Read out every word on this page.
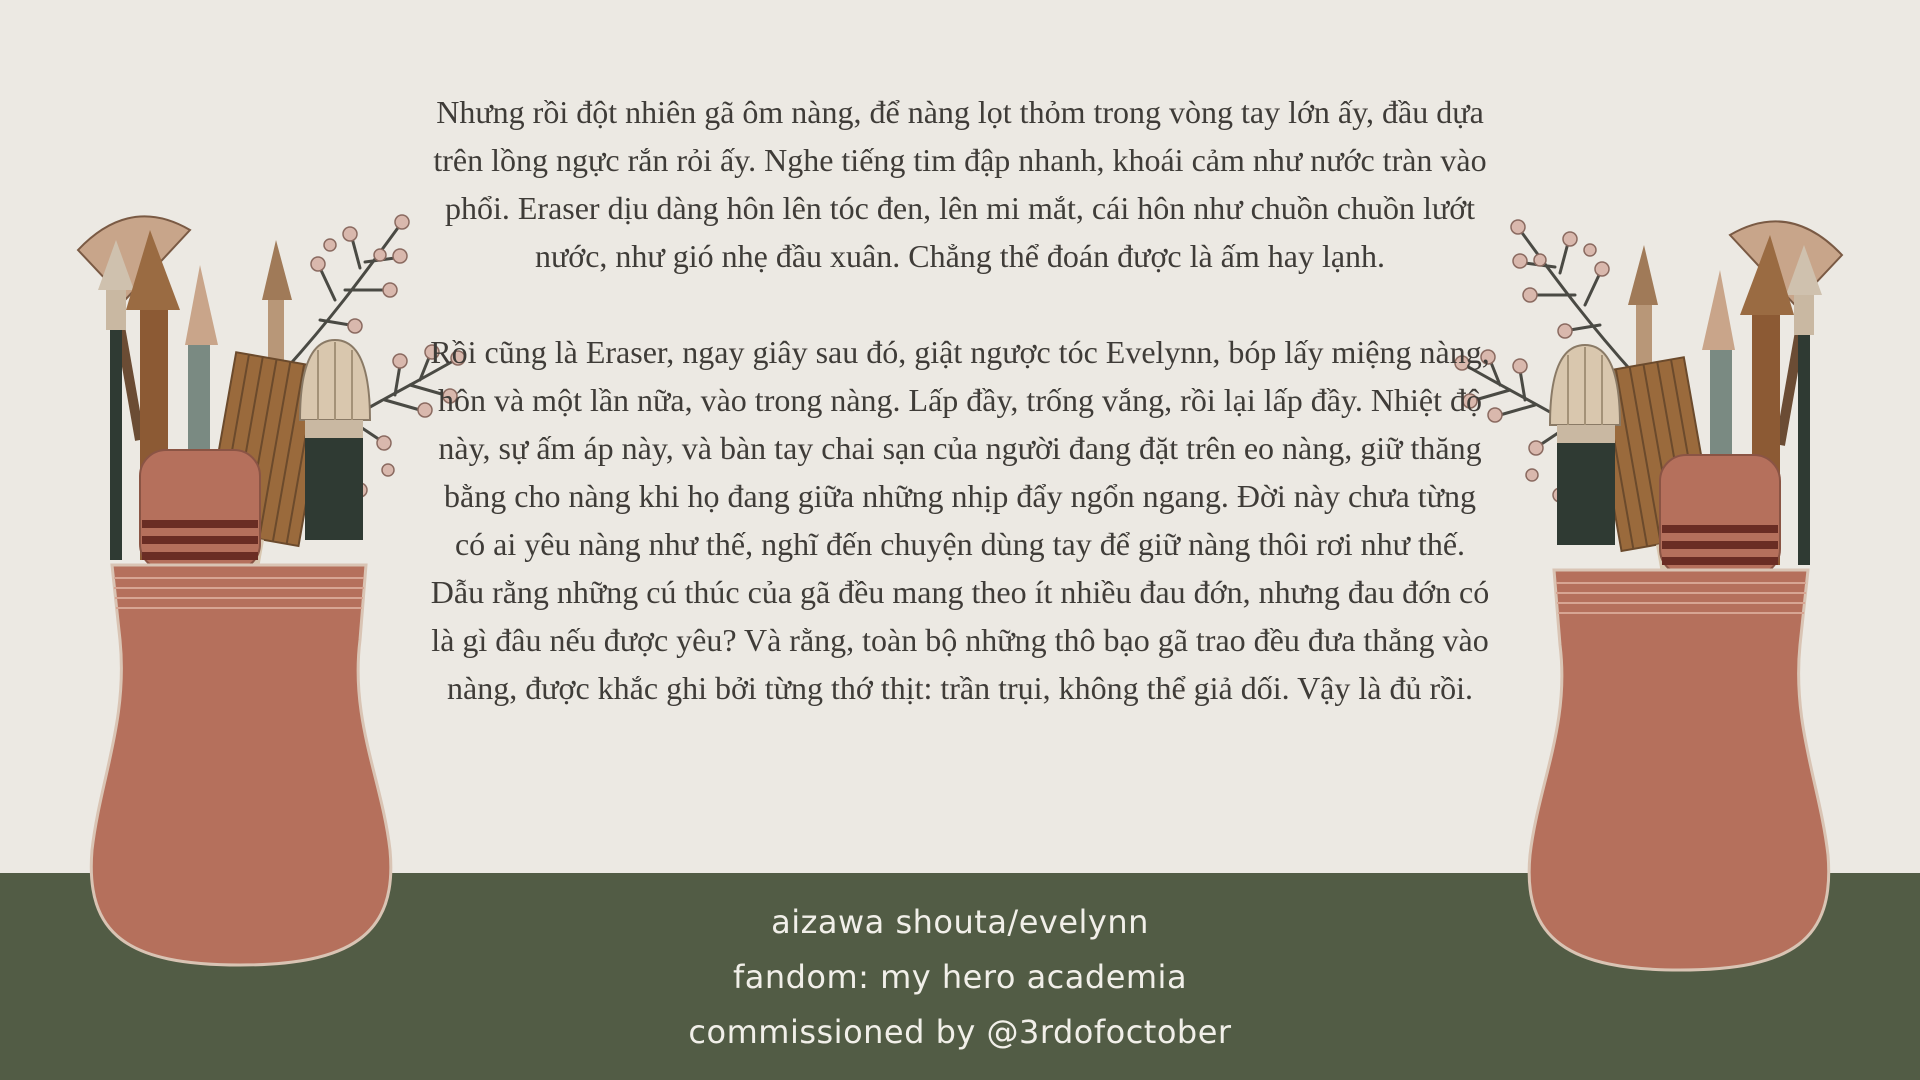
Nhưng rồi đột nhiên gã ôm nàng, để nàng lọt thỏm trong vòng tay lớn ấy, đầu dựa trên lồng ngực rắn rỏi ấy. Nghe tiếng tim đập nhanh, khoái cảm như nước tràn vào phổi. Eraser dịu dàng hôn lên tóc đen, lên mi mắt, cái hôn như chuồn chuồn lướt nước, như gió nhẹ đầu xuân. Chẳng thể đoán được là ấm hay lạnh.

Rồi cũng là Eraser, ngay giây sau đó, giật ngược tóc Evelynn, bóp lấy miệng nàng, hôn và một lần nữa, vào trong nàng. Lấp đầy, trống vắng, rồi lại lấp đầy. Nhiệt độ này, sự ấm áp này, và bàn tay chai sạn của người đang đặt trên eo nàng, giữ thăng bằng cho nàng khi họ đang giữa những nhịp đẩy ngổn ngang. Đời này chưa từng có ai yêu nàng như thế, nghĩ đến chuyện dùng tay để giữ nàng thôi rơi như thế. Dẫu rằng những cú thúc của gã đều mang theo ít nhiều đau đớn, nhưng đau đớn có là gì đâu nếu được yêu? Và rằng, toàn bộ những thô bạo gã trao đều đưa thẳng vào nàng, được khắc ghi bởi từng thớ thịt: trần trụi, không thể giả dối. Vậy là đủ rồi.

aizawa shouta/evelynn
fandom: my hero academia
commissioned by @3rdofoctober
